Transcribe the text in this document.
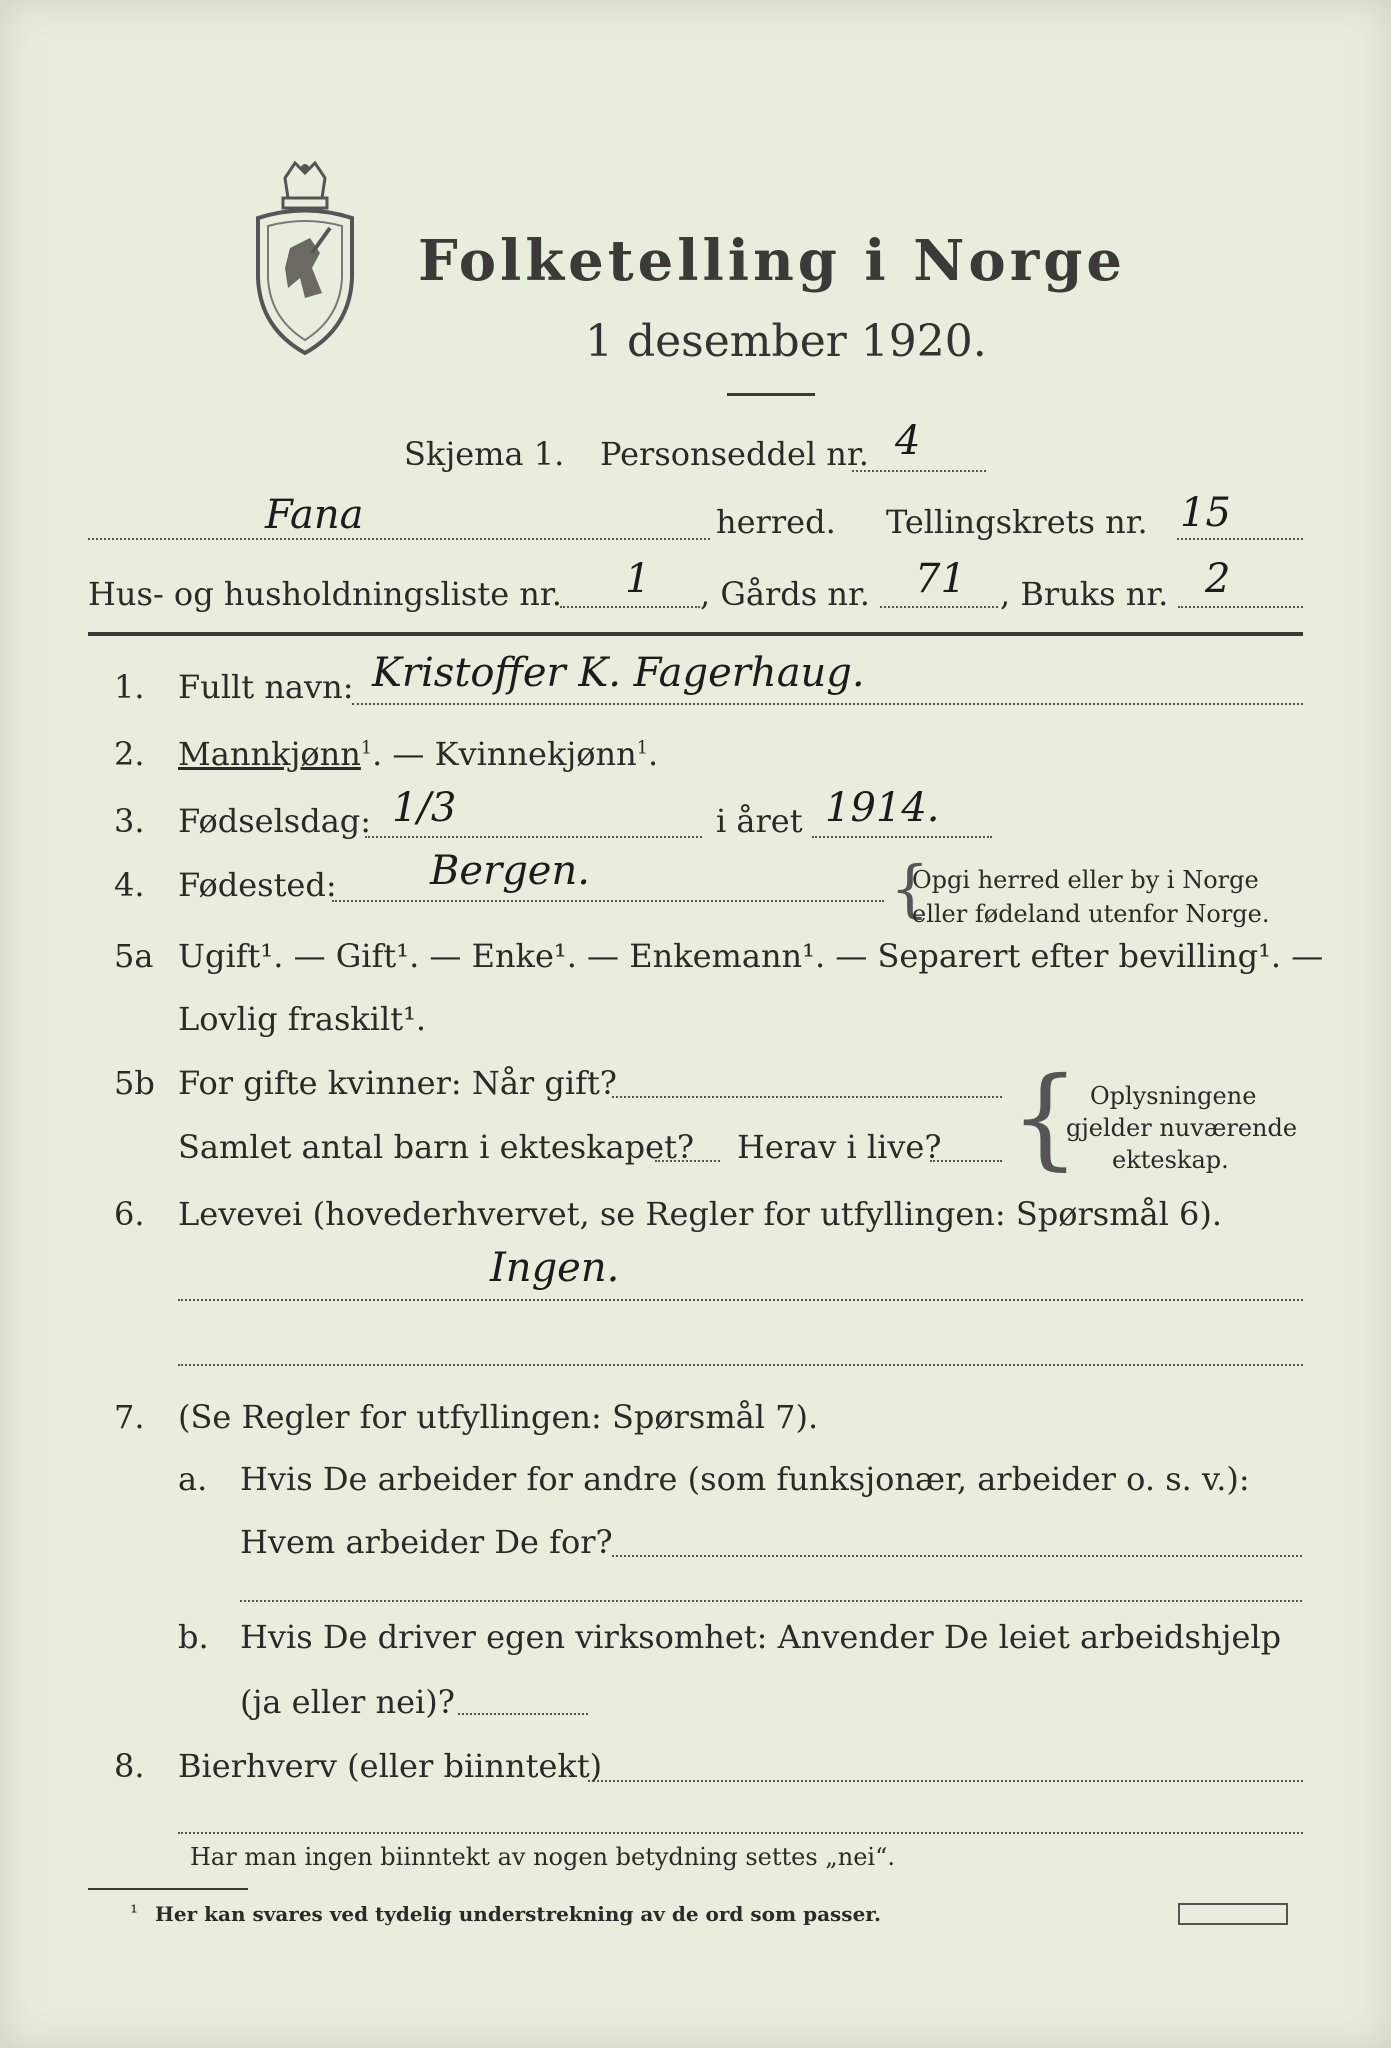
Folketelling i Norge
1 desember 1920.
Skjema 1. Personseddel nr. 4
Fana	herred. Tellingskrets nr. 15
Hus- og husholdningsliste nr. 1 , Gårds nr. 71 , Bruks nr. 2
1. Fullt navn: Kristoffer K. Fagerhaug.
2. Mannkjønn$^1$. — Kvinnekjønn$^1$.
3. Fødselsdag: 1/3	i året 1914.
4. Fødested: Bergen.	{
Opgi herred eller by i Norge
eller fødeland utenfor Norge.
5a Ugift¹. — Gift¹. — Enke¹. — Enkemann¹. — Separert efter bevilling¹. —
Lovlig fraskilt¹.
5b For gifte kvinner: Når gift?
Samlet antal barn i ekteskapet? Herav i live? { Oplysningene
gjelder nuværende
ekteskap.
6. Levevei (hovederhvervet, se Regler for utfyllingen: Spørsmål 6).
Ingen.
7. (Se Regler for utfyllingen: Spørsmål 7).
a. Hvis De arbeider for andre (som funksjonær, arbeider o. s. v.):
Hvem arbeider De for?
b. Hvis De driver egen virksomhet: Anvender De leiet arbeidshjelp
(ja eller nei)?
8. Bierhverv (eller biinntekt)
Har man ingen biinntekt av nogen betydning settes „nei“.
¹ Her kan svares ved tydelig understrekning av de ord som passer.
